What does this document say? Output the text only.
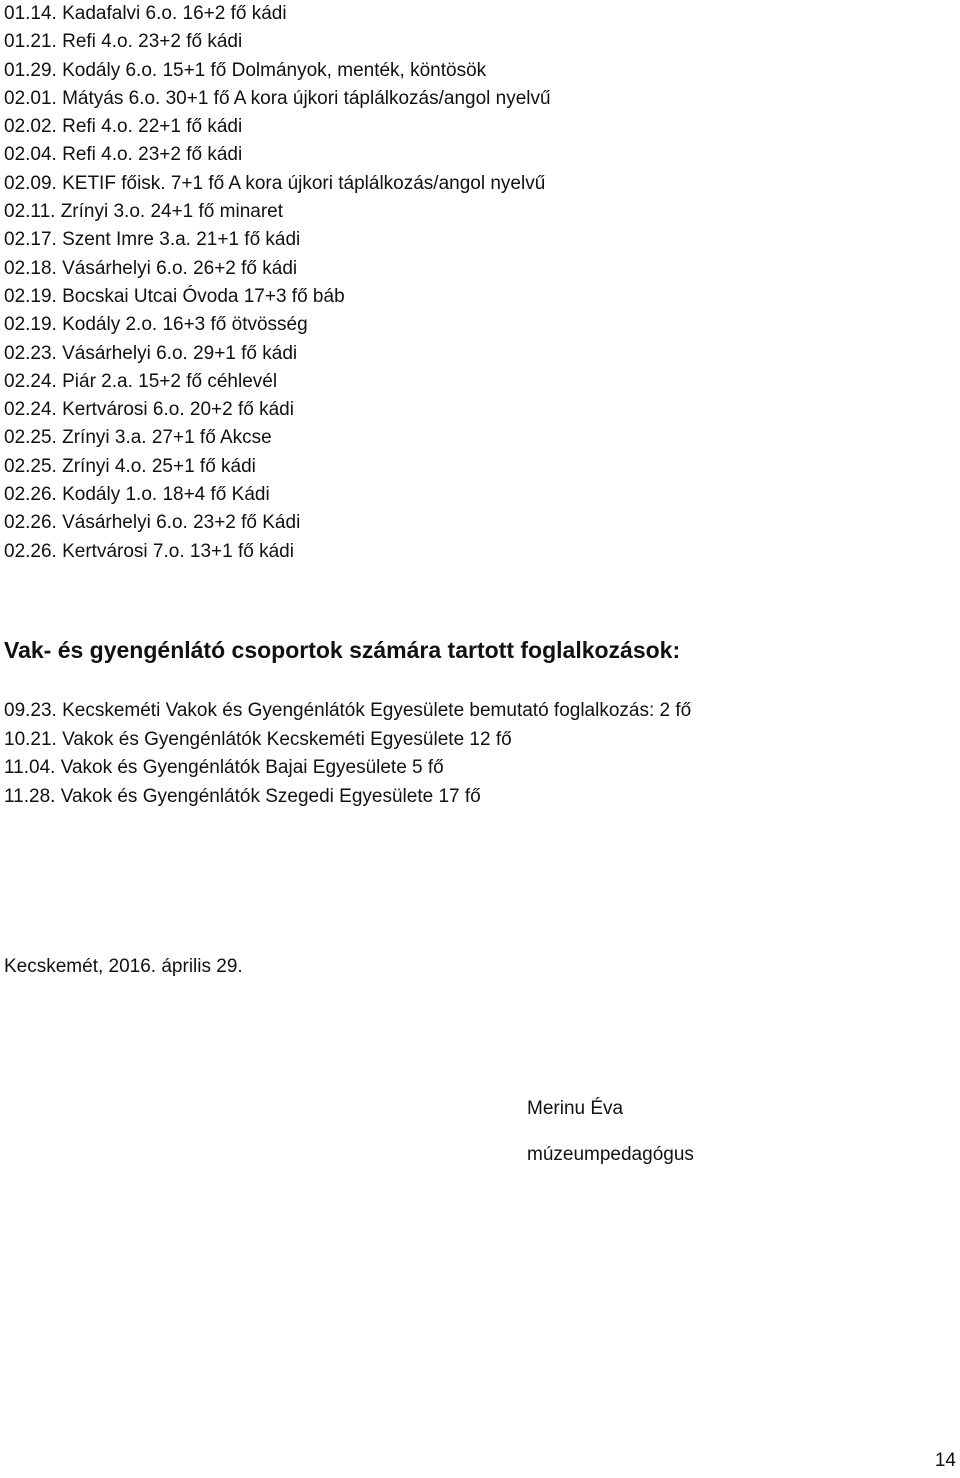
01.14. Kadafalvi 6.o. 16+2 fő kádi
01.21. Refi 4.o. 23+2 fő kádi
01.29. Kodály 6.o. 15+1 fő Dolmányok, menték, köntösök
02.01. Mátyás 6.o. 30+1 fő A kora újkori táplálkozás/angol nyelvű
02.02. Refi 4.o. 22+1 fő kádi
02.04. Refi 4.o. 23+2 fő kádi
02.09. KETIF főisk. 7+1 fő A kora újkori táplálkozás/angol nyelvű
02.11. Zrínyi 3.o. 24+1 fő minaret
02.17. Szent Imre 3.a. 21+1 fő kádi
02.18. Vásárhelyi 6.o. 26+2 fő kádi
02.19. Bocskai Utcai Óvoda 17+3 fő báb
02.19. Kodály 2.o. 16+3 fő ötvösség
02.23. Vásárhelyi 6.o. 29+1 fő kádi
02.24. Piár 2.a. 15+2 fő céhlevél
02.24. Kertvárosi 6.o. 20+2 fő kádi
02.25. Zrínyi 3.a. 27+1 fő Akcse
02.25. Zrínyi 4.o. 25+1 fő kádi
02.26. Kodály 1.o. 18+4 fő Kádi
02.26. Vásárhelyi 6.o. 23+2 fő Kádi
02.26. Kertvárosi 7.o. 13+1 fő kádi
Vak- és gyengénlátó csoportok számára tartott foglalkozások:
09.23. Kecskeméti Vakok és Gyengénlátók Egyesülete bemutató foglalkozás: 2 fő
10.21. Vakok és Gyengénlátók Kecskeméti Egyesülete 12 fő
11.04. Vakok és Gyengénlátók Bajai Egyesülete 5 fő
11.28. Vakok és Gyengénlátók Szegedi Egyesülete 17 fő
Kecskemét, 2016. április 29.
Merinu Éva
múzeumpedagógus
14
